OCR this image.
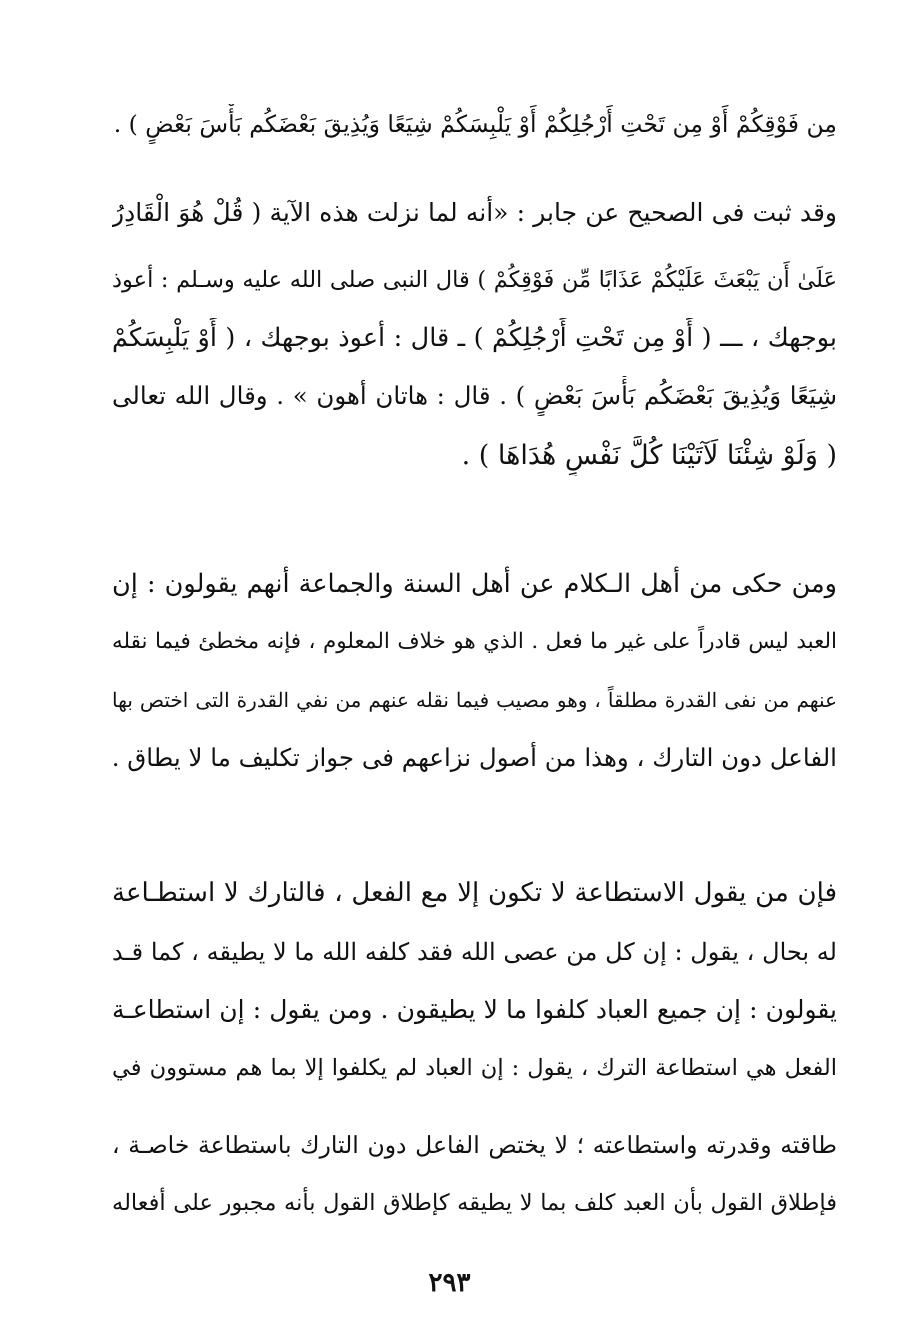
مِن فَوْقِكُمْ أَوْ مِن تَحْتِ أَرْجُلِكُمْ أَوْ يَلْبِسَكُمْ شِيَعًا وَيُذِيقَ بَعْضَكُم بَأْسَ بَعْضٍ ) .
وقد ثبت فى الصحيح عن جابر : «أنه لما نزلت هذه الآية ( قُلْ هُوَ الْقَادِرُ
عَلَىٰ أَن يَبْعَثَ عَلَيْكُمْ عَذَابًا مِّن فَوْقِكُمْ ) قال النبى صلى الله عليه وسـلم : أعوذ
بوجهك ، ـــ ( أَوْ مِن تَحْتِ أَرْجُلِكُمْ ) ـ قال : أعوذ بوجهك ، ( أَوْ يَلْبِسَكُمْ
شِيَعًا وَيُذِيقَ بَعْضَكُم بَأْسَ بَعْضٍ ) . قال : هاتان أهون » . وقال الله تعالى
( وَلَوْ شِئْنَا لَآتَيْنَا كُلَّ نَفْسٍ هُدَاهَا ) .
ومن حكى من أهل الـكلام عن أهل السنة والجماعة أنهم يقولون : إن
العبد ليس قادراً على غير ما فعل . الذي هو خلاف المعلوم ، فإنه مخطئ فيما نقله
عنهم من نفى القدرة مطلقاً ، وهو مصيب فيما نقله عنهم من نفي القدرة التى اختص بها
الفاعل دون التارك ، وهذا من أصول نزاعهم فى جواز تكليف ما لا يطاق .
فإن من يقول الاستطاعة لا تكون إلا مع الفعل ، فالتارك لا استطـاعة
له بحال ، يقول : إن كل من عصى الله فقد كلفه الله ما لا يطيقه ، كما قـد
يقولون : إن جميع العباد كلفوا ما لا يطيقون . ومن يقول : إن استطاعـة
الفعل هي استطاعة الترك ، يقول : إن العباد لم يكلفوا إلا بما هم مستوون في
طاقته وقدرته واستطاعته ؛ لا يختص الفاعل دون التارك باستطاعة خاصـة ،
فإطلاق القول بأن العبد كلف بما لا يطيقه كإطلاق القول بأنه مجبور على أفعاله
٢٩٣
